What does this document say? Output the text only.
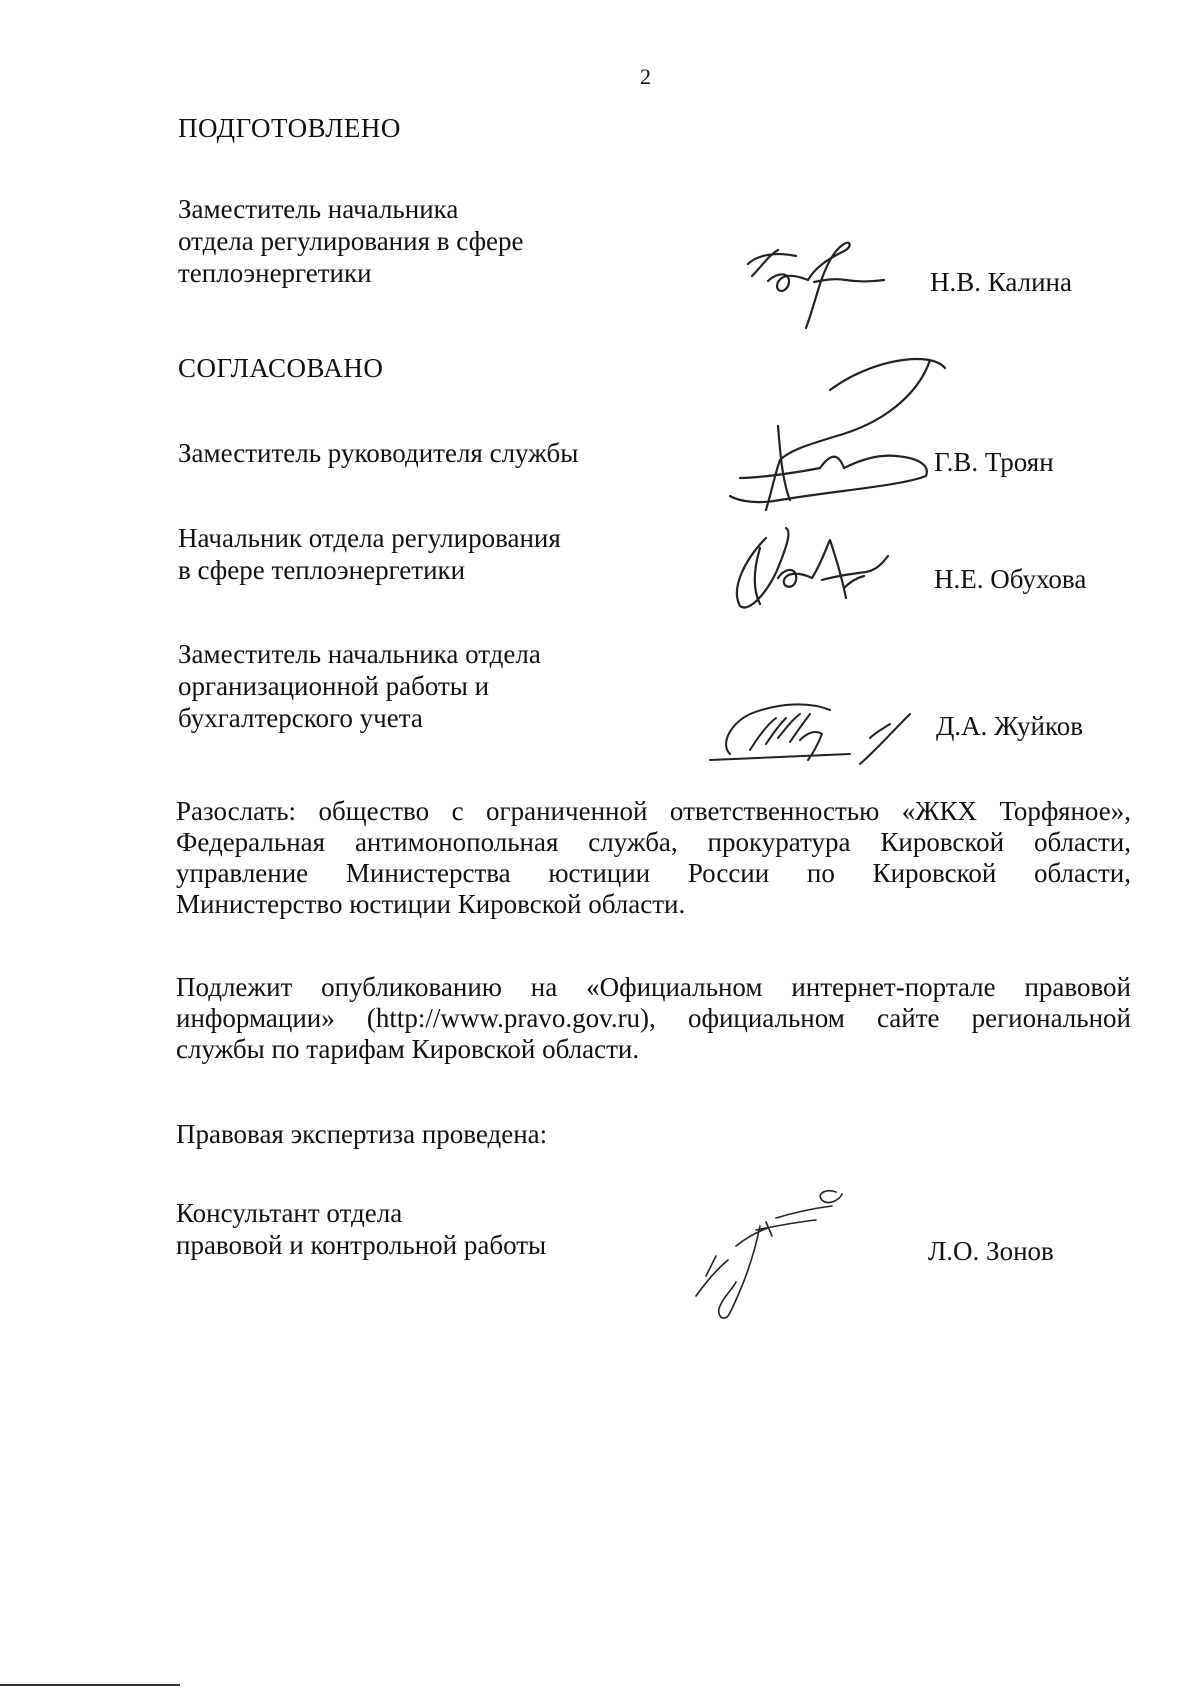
2
ПОДГОТОВЛЕНО
Заместитель начальника
отдела регулирования в сфере
теплоэнергетики	Н.В. Калина
СОГЛАСОВАНО
Заместитель руководителя службы	Г.В. Троян
Начальник отдела регулирования
в сфере теплоэнергетики	Н.Е. Обухова
Заместитель начальника отдела
организационной работы и
бухгалтерского учета	Д.А. Жуйков
Разослать: общество с ограниченной ответственностью «ЖКХ Торфяное»,
Федеральная антимонопольная служба, прокуратура Кировской области,
управление Министерства юстиции России по Кировской области,
Министерство юстиции Кировской области.
Подлежит опубликованию на «Официальном интернет-портале правовой
информации» (http://www.pravo.gov.ru), официальном сайте региональной
службы по тарифам Кировской области.
Правовая экспертиза проведена:
Консультант отдела
правовой и контрольной работы	Л.О. Зонов
